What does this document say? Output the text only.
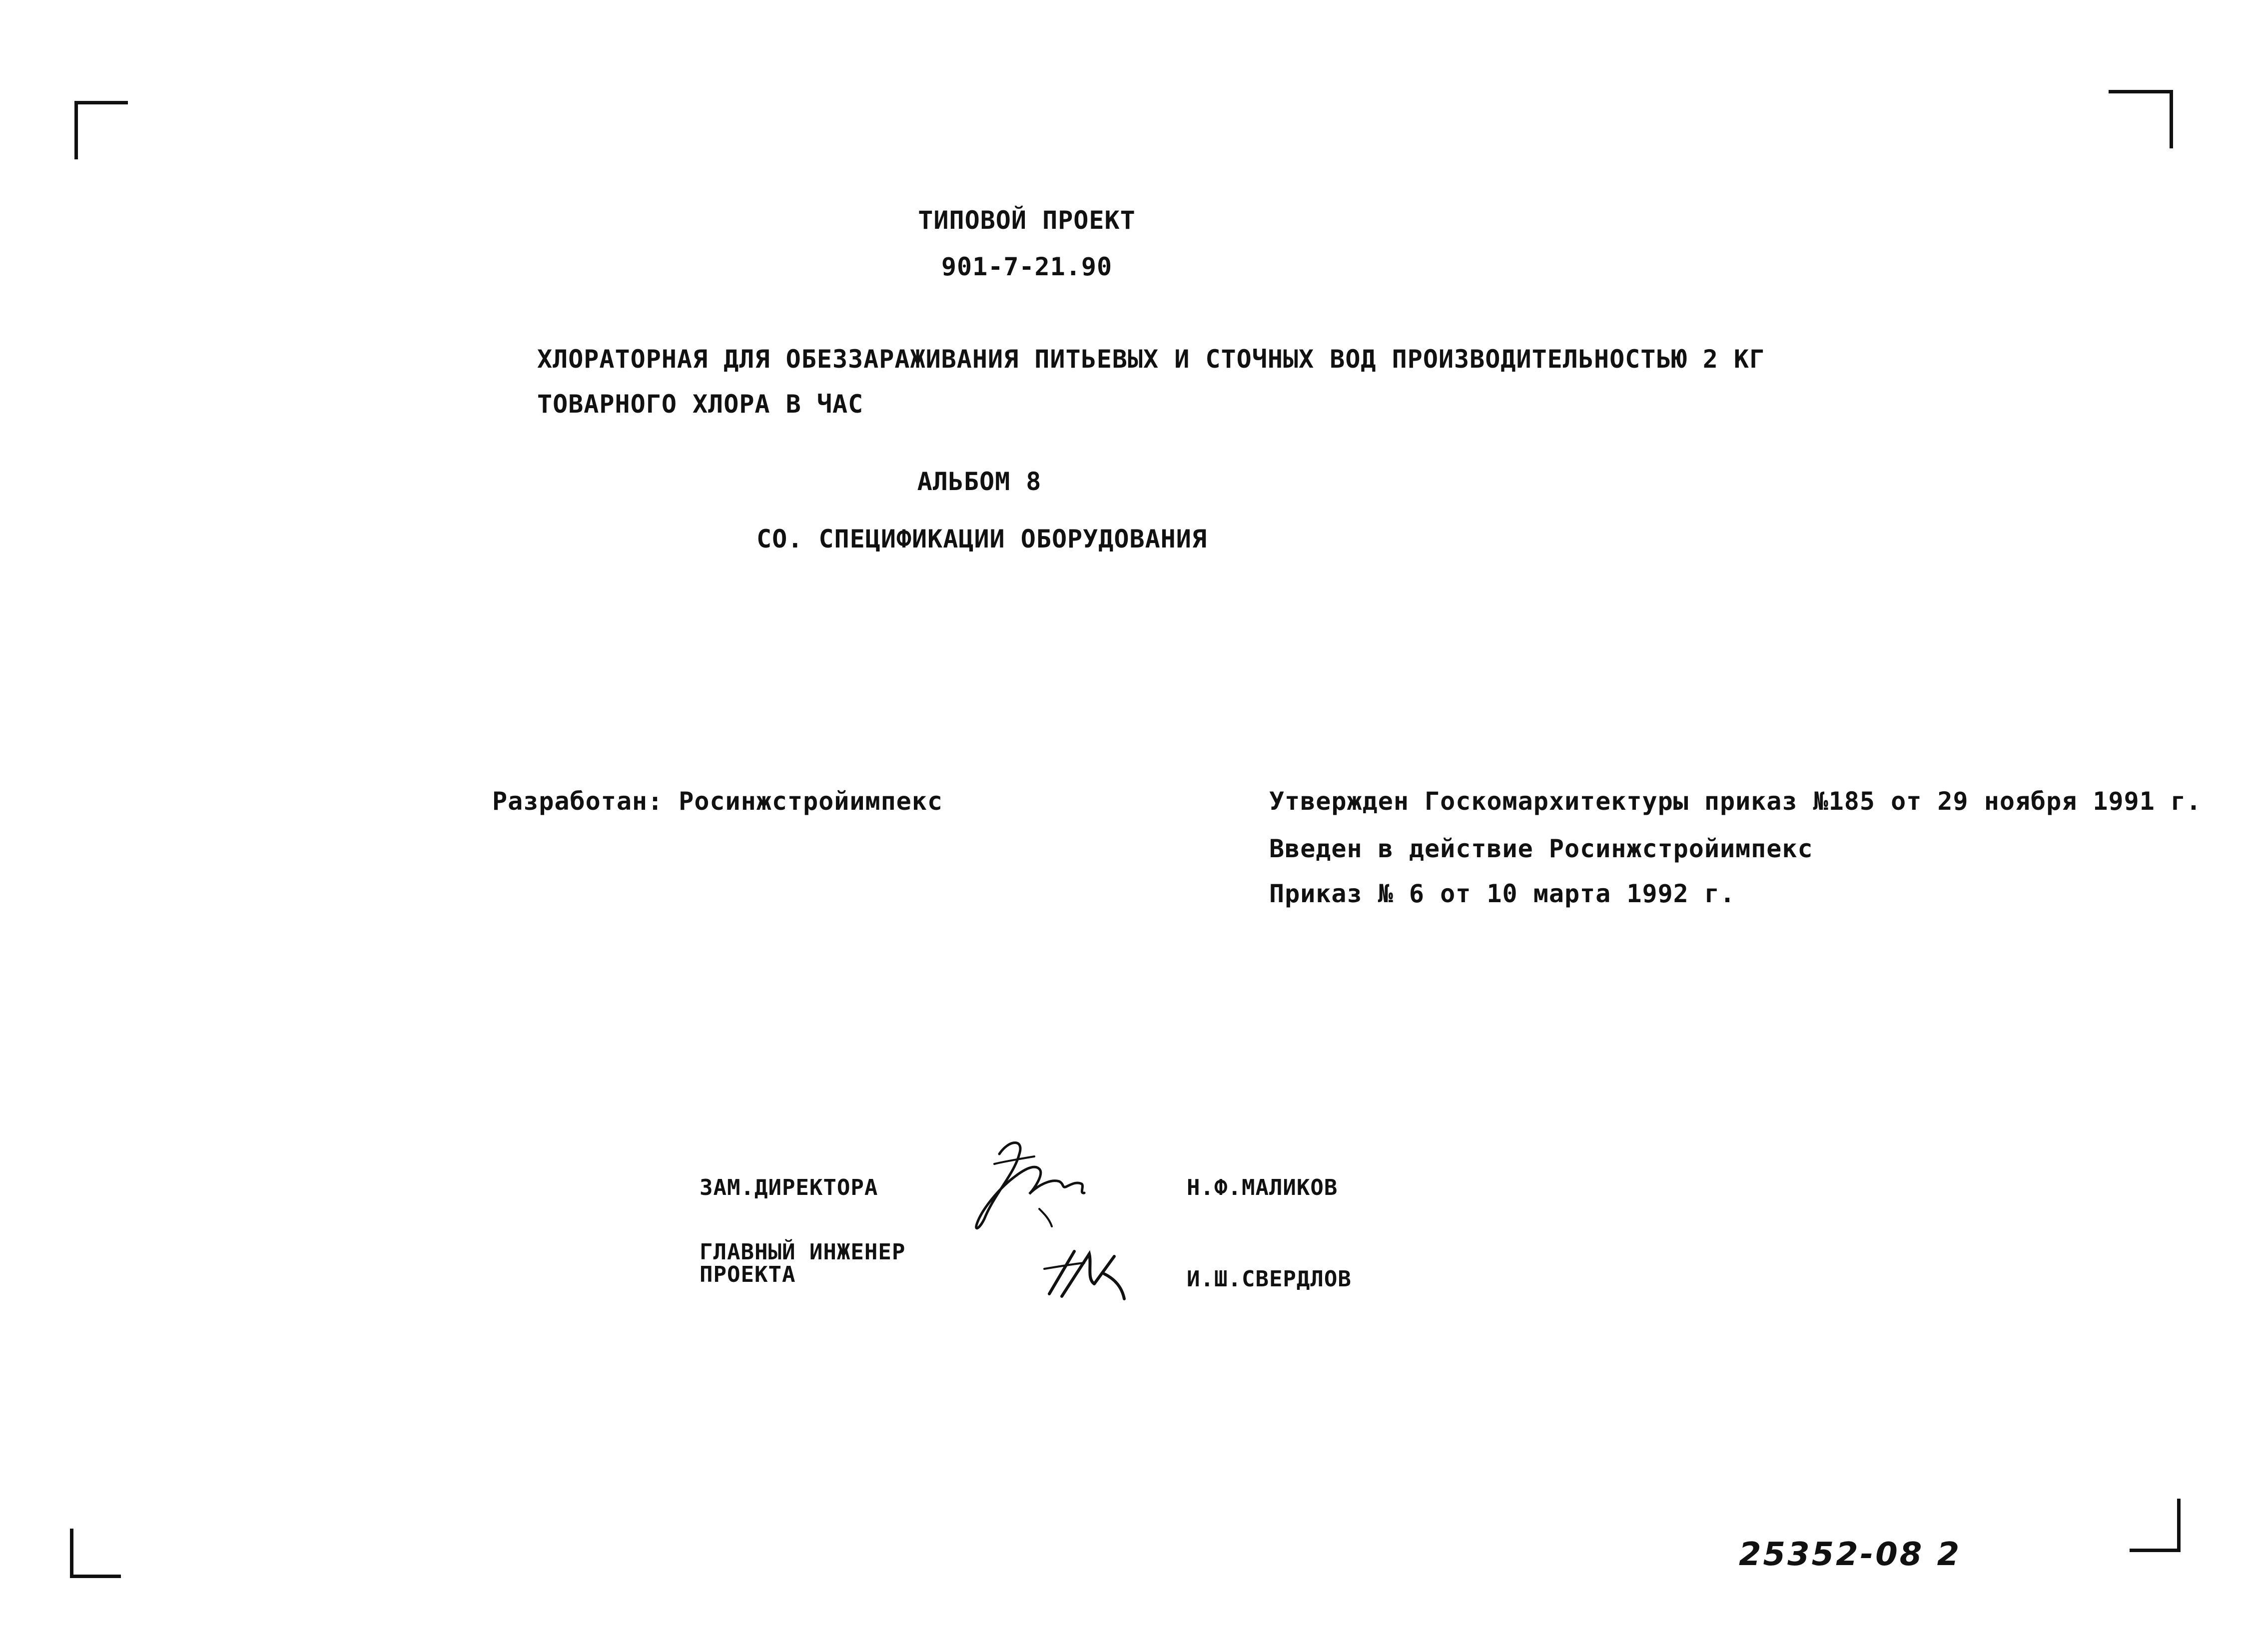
ТИПОВОЙ ПРОЕКТ
901-7-21.90
ХЛОРАТОРНАЯ ДЛЯ ОБЕЗЗАРАЖИВАНИЯ ПИТЬЕВЫХ И СТОЧНЫХ ВОД ПРОИЗВОДИТЕЛЬНОСТЬЮ 2 КГ
ТОВАРНОГО ХЛОРА В ЧАС
АЛЬБОМ 8
СО. СПЕЦИФИКАЦИИ ОБОРУДОВАНИЯ
Разработан: Росинжстройимпекс	Утвержден Госкомархитектуры приказ №185 от 29 ноября 1991 г.
Введен в действие Росинжстройимпекс
Приказ № 6 от 10 марта 1992 г.
ЗАМ.ДИРЕКТОРА	Н.Ф.МАЛИКОВ
ГЛАВНЫЙ ИНЖЕНЕР
ПРОЕКТА	И.Ш.СВЕРДЛОВ
25352-08 2
